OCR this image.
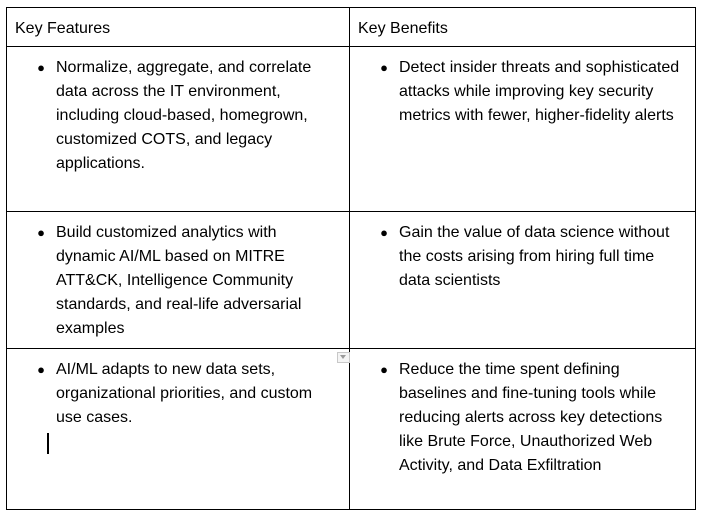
Key Features	Key Benefits

● Normalize, aggregate, and correlate data across the IT environment, including cloud-based, homegrown, customized COTS, and legacy applications.	● Detect insider threats and sophisticated attacks while improving key security metrics with fewer, higher-fidelity alerts

● Build customized analytics with dynamic AI/ML based on MITRE ATT&CK, Intelligence Community standards, and real-life adversarial examples	● Gain the value of data science without the costs arising from hiring full time data scientists

● AI/ML adapts to new data sets, organizational priorities, and custom use cases.	● Reduce the time spent defining baselines and fine-tuning tools while reducing alerts across key detections like Brute Force, Unauthorized Web Activity, and Data Exfiltration
